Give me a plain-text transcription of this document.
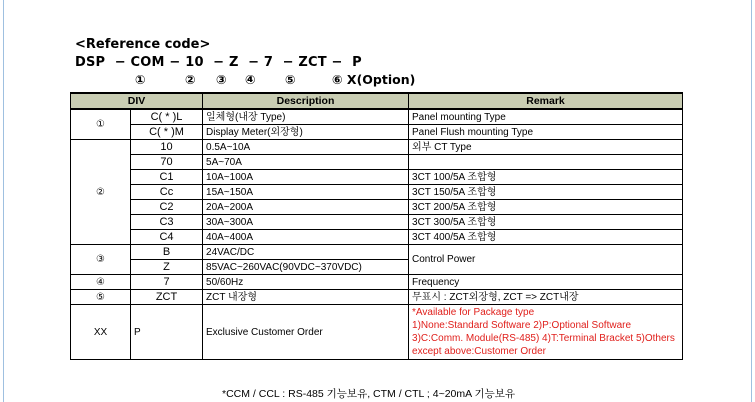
<Reference code>
DSP  − COM − 10  − Z  − 7  − ZCT −  P
①	② ③ ④ ⑤	⑥ X(Option)
DIV		Description	Remark
①	C( * )L	일체형(내장 Type)	Panel mounting Type
	C( * )M	Display Meter(외장형)	Panel Flush mounting Type
②	10	0.5A~10A	외부 CT Type
	70	5A~70A	
	C1	10A~100A	3CT 100/5A 조합형
	Cc	15A~150A	3CT 150/5A 조합형
	C2	20A~200A	3CT 200/5A 조합형
	C3	30A~300A	3CT 300/5A 조합형
	C4	40A~400A	3CT 400/5A 조합형
③	B	24VAC/DC	Control Power
	Z	85VAC~260VAC(90VDC~370VDC)	
④	7	50/60Hz	Frequency
⑤	ZCT	ZCT 내장형	무표시 : ZCT외장형, ZCT => ZCT내장
XX	P	Exclusive Customer Order	*Available for Package type
1)None:Standard Software 2)P:Optional Software
3)C:Comm. Module(RS-485) 4)T:Terminal Bracket 5)Others except above:Customer Order
*CCM / CCL : RS-485 기능보유, CTM / CTL ; 4~20mA 기능보유
